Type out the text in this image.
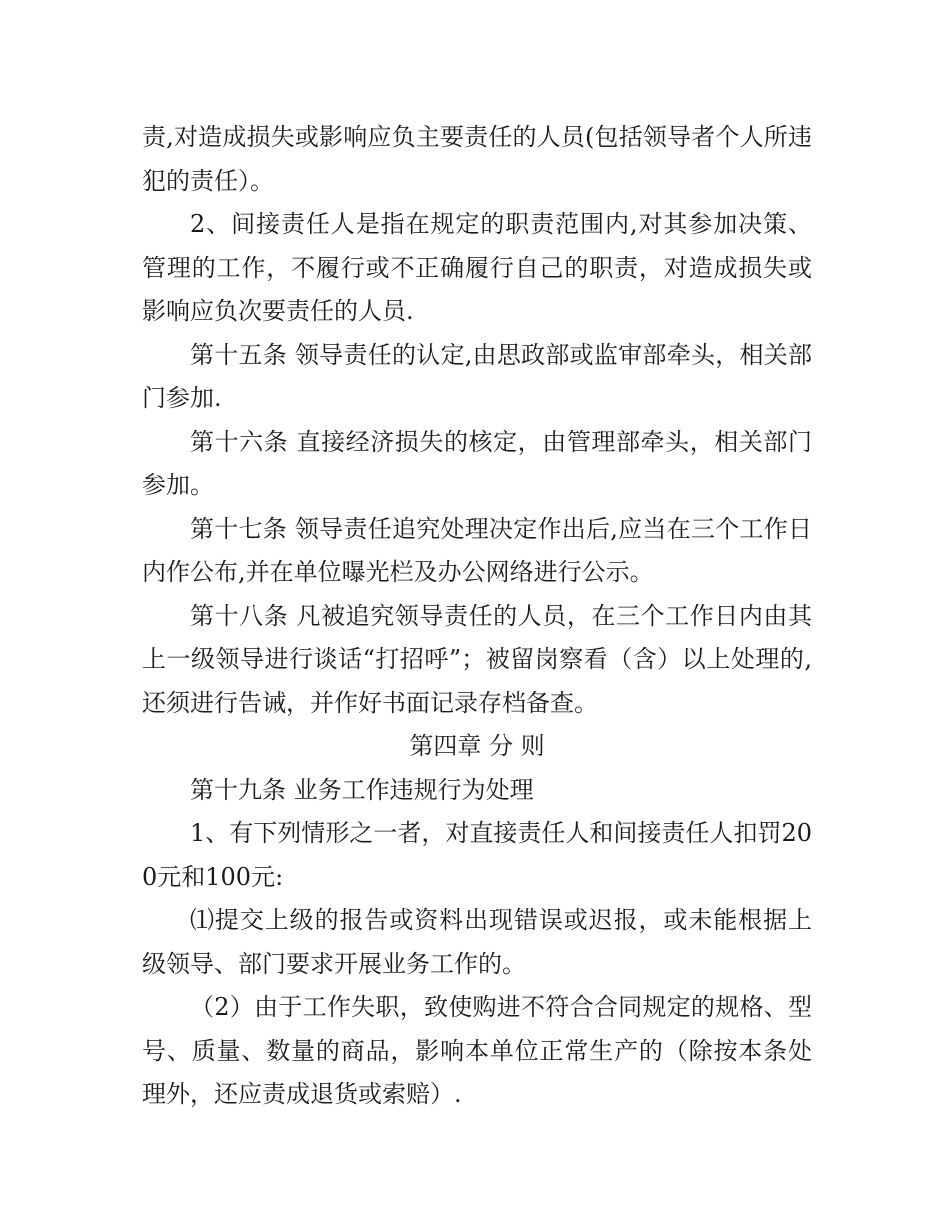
责,对造成损失或影响应负主要责任的人员(包括领导者个人所违犯的责任）。

2、间接责任人是指在规定的职责范围内,对其参加决策、管理的工作，不履行或不正确履行自己的职责，对造成损失或影响应负次要责任的人员.

第十五条 领导责任的认定,由思政部或监审部牵头，相关部门参加.

第十六条 直接经济损失的核定，由管理部牵头，相关部门参加。

第十七条 领导责任追究处理决定作出后,应当在三个工作日内作公布,并在单位曝光栏及办公网络进行公示。

第十八条 凡被追究领导责任的人员，在三个工作日内由其上一级领导进行谈话“打招呼”；被留岗察看（含）以上处理的,还须进行告诫，并作好书面记录存档备查。

第四章 分 则

第十九条 业务工作违规行为处理

1、有下列情形之一者，对直接责任人和间接责任人扣罚200元和100元:

⑴提交上级的报告或资料出现错误或迟报，或未能根据上级领导、部门要求开展业务工作的。

（2）由于工作失职，致使购进不符合合同规定的规格、型号、质量、数量的商品，影响本单位正常生产的（除按本条处理外，还应责成退货或索赔）.
